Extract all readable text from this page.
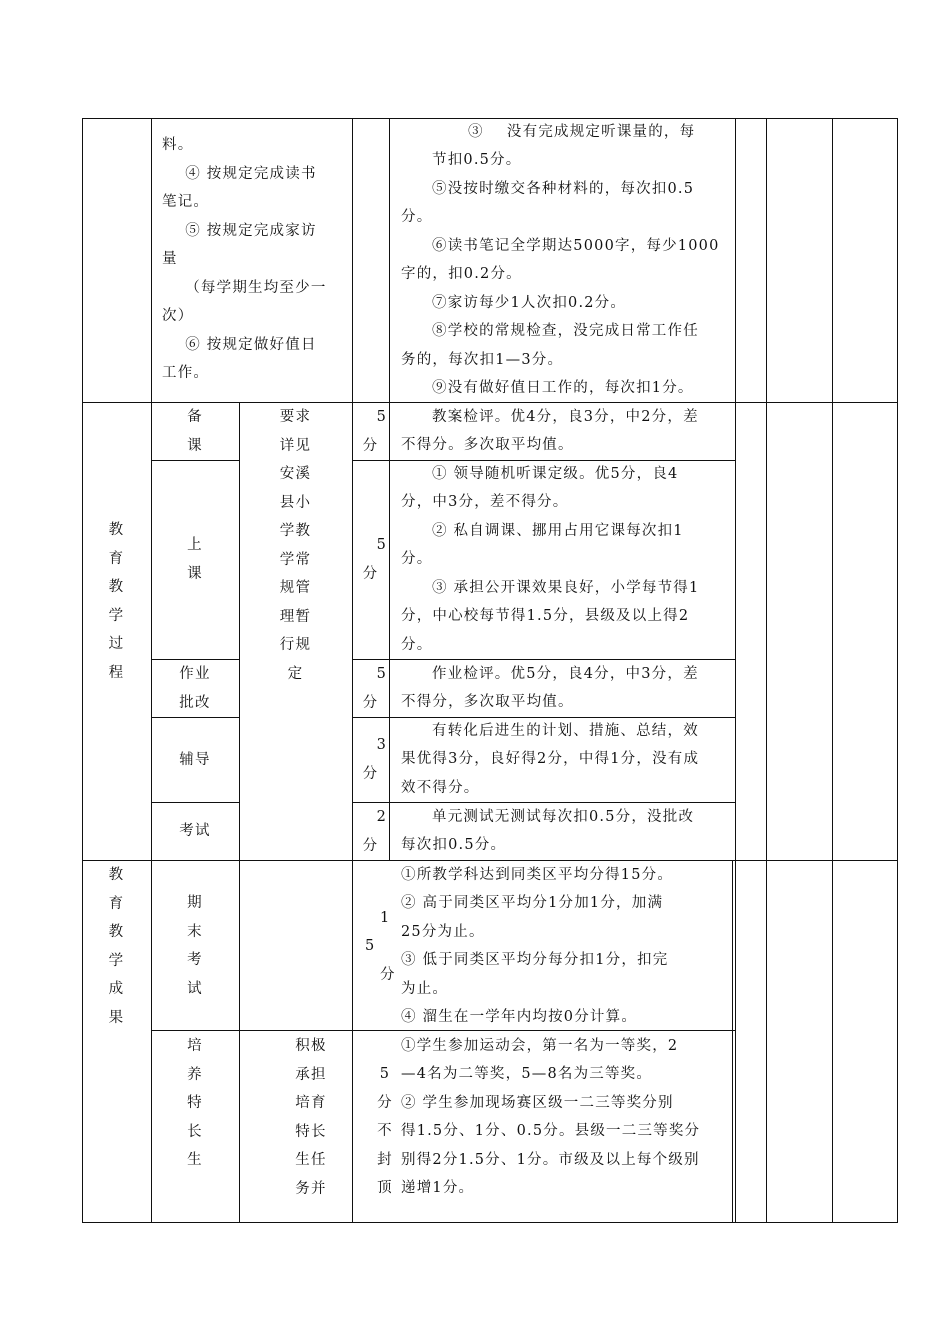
料。
④ 按规定完成读书
笔记。
⑤ 按规定完成家访
量
（每学期生均至少一
次）
⑥ 按规定做好值日
工作。
③    没有完成规定听课量的，每
节扣0.5分。
⑤没按时缴交各种材料的，每次扣0.5
分。
⑥读书笔记全学期达5000字，每少1000
字的，扣0.2分。
⑦家访每少1人次扣0.2分。
⑧学校的常规检查，没完成日常工作任
务的，每次扣1—3分。
⑨没有做好值日工作的，每次扣1分。
教
育
教
学
过
程
要求
详见
安溪
县小
学教
学常
规管
理暂
行规
定
备
课
5
分
教案检评。优4分，良3分，中2分，差
不得分。多次取平均值。
上
课
5
分
① 领导随机听课定级。优5分，良4
分，中3分，差不得分。
② 私自调课、挪用占用它课每次扣1
分。
③ 承担公开课效果良好，小学每节得1
分，中心校每节得1.5分，县级及以上得2
分。
作业
批改
5
分
作业检评。优5分，良4分，中3分，差
不得分，多次取平均值。
辅导
3
分
有转化后进生的计划、措施、总结，效
果优得3分，良好得2分，中得1分，没有成
效不得分。
考试
2
分
单元测试无测试每次扣0.5分，没批改
每次扣0.5分。
教
育
教
学
成
果
期
末
考
试
1
5
分
①所教学科达到同类区平均分得15分。
② 高于同类区平均分1分加1分，加满
25分为止。
③ 低于同类区平均分每分扣1分，扣完
为止。
④ 溜生在一学年内均按0分计算。
培
养
特
长
生
积极
承担
培育
特长
生任
务并
5
分
不
封
顶
①学生参加运动会，第一名为一等奖，2
—4名为二等奖，5—8名为三等奖。
② 学生参加现场赛区级一二三等奖分别
得1.5分、1分、0.5分。县级一二三等奖分
别得2分1.5分、1分。市级及以上每个级别
递增1分。
